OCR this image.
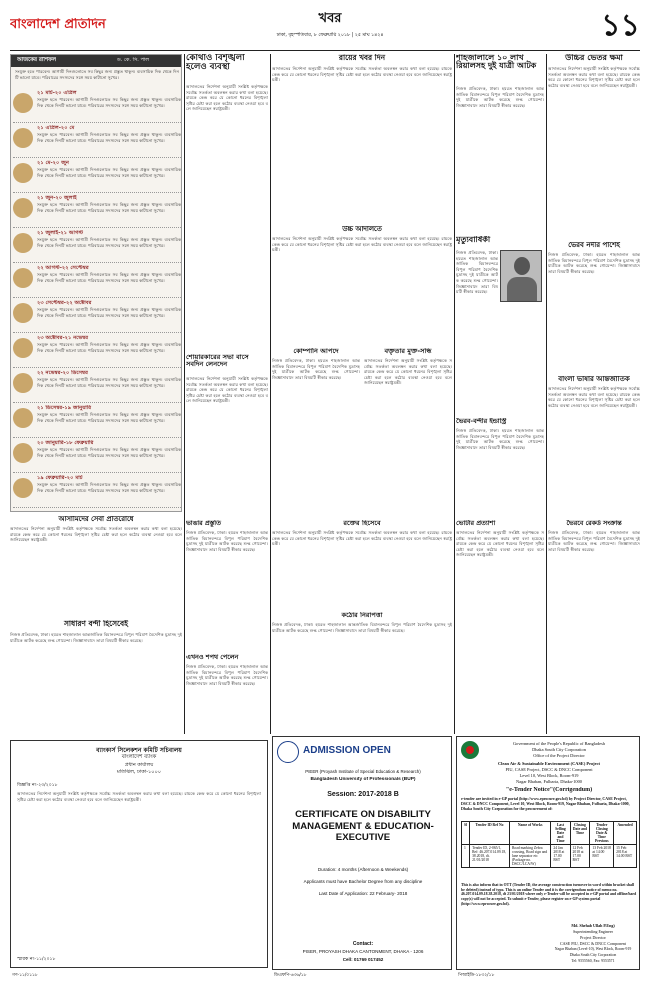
বাংলাদেশ প্রতিদিন	খবর
ঢাকা, বৃহস্পতিবার, ৮ ফেব্রুয়ারি ২০১৮ | ২৫ মাঘ ১৪২৪	১১
আজকের রাশিফল	ড. কে. সি. পাল
সংযুক্ত হতে পারবেন। আগামী দিনগুলোতে সব কিছুর জন্য প্রস্তুত থাকুন। ব্যবসায়িক দিক থেকে দিনটি ভালো যাবে। পরিবারের সদস্যদের সঙ্গে সময় কাটানো সুখের।
২১ মার্চ-২০ এপ্রিল
সংযুক্ত হতে পারবেন। আগামী দিনগুলোতে সব কিছুর জন্য প্রস্তুত থাকুন। ব্যবসায়িক দিক থেকে দিনটি ভালো যাবে। পরিবারের সদস্যদের সঙ্গে সময় কাটানো সুখের।
২১ এপ্রিল-২০ মে
সংযুক্ত হতে পারবেন। আগামী দিনগুলোতে সব কিছুর জন্য প্রস্তুত থাকুন। ব্যবসায়িক দিক থেকে দিনটি ভালো যাবে। পরিবারের সদস্যদের সঙ্গে সময় কাটানো সুখের।
২১ মে-২০ জুন
সংযুক্ত হতে পারবেন। আগামী দিনগুলোতে সব কিছুর জন্য প্রস্তুত থাকুন। ব্যবসায়িক দিক থেকে দিনটি ভালো যাবে। পরিবারের সদস্যদের সঙ্গে সময় কাটানো সুখের।
২১ জুন-২০ জুলাই
সংযুক্ত হতে পারবেন। আগামী দিনগুলোতে সব কিছুর জন্য প্রস্তুত থাকুন। ব্যবসায়িক দিক থেকে দিনটি ভালো যাবে। পরিবারের সদস্যদের সঙ্গে সময় কাটানো সুখের।
২১ জুলাই-২১ আগস্ট
সংযুক্ত হতে পারবেন। আগামী দিনগুলোতে সব কিছুর জন্য প্রস্তুত থাকুন। ব্যবসায়িক দিক থেকে দিনটি ভালো যাবে। পরিবারের সদস্যদের সঙ্গে সময় কাটানো সুখের।
২২ আগস্ট-২২ সেপ্টেম্বর
সংযুক্ত হতে পারবেন। আগামী দিনগুলোতে সব কিছুর জন্য প্রস্তুত থাকুন। ব্যবসায়িক দিক থেকে দিনটি ভালো যাবে। পরিবারের সদস্যদের সঙ্গে সময় কাটানো সুখের।
২৩ সেপ্টেম্বর-২২ অক্টোবর
সংযুক্ত হতে পারবেন। আগামী দিনগুলোতে সব কিছুর জন্য প্রস্তুত থাকুন। ব্যবসায়িক দিক থেকে দিনটি ভালো যাবে। পরিবারের সদস্যদের সঙ্গে সময় কাটানো সুখের।
২৩ অক্টোবর-২১ নভেম্বর
সংযুক্ত হতে পারবেন। আগামী দিনগুলোতে সব কিছুর জন্য প্রস্তুত থাকুন। ব্যবসায়িক দিক থেকে দিনটি ভালো যাবে। পরিবারের সদস্যদের সঙ্গে সময় কাটানো সুখের।
২২ নভেম্বর-২০ ডিসেম্বর
সংযুক্ত হতে পারবেন। আগামী দিনগুলোতে সব কিছুর জন্য প্রস্তুত থাকুন। ব্যবসায়িক দিক থেকে দিনটি ভালো যাবে। পরিবারের সদস্যদের সঙ্গে সময় কাটানো সুখের।
২১ ডিসেম্বর-১৯ জানুয়ারি
সংযুক্ত হতে পারবেন। আগামী দিনগুলোতে সব কিছুর জন্য প্রস্তুত থাকুন। ব্যবসায়িক দিক থেকে দিনটি ভালো যাবে। পরিবারের সদস্যদের সঙ্গে সময় কাটানো সুখের।
২০ জানুয়ারি-১৮ ফেব্রুয়ারি
সংযুক্ত হতে পারবেন। আগামী দিনগুলোতে সব কিছুর জন্য প্রস্তুত থাকুন। ব্যবসায়িক দিক থেকে দিনটি ভালো যাবে। পরিবারের সদস্যদের সঙ্গে সময় কাটানো সুখের।
১৯ ফেব্রুয়ারি-২০ মার্চ
সংযুক্ত হতে পারবেন। আগামী দিনগুলোতে সব কিছুর জন্য প্রস্তুত থাকুন। ব্যবসায়িক দিক থেকে দিনটি ভালো যাবে। পরিবারের সদস্যদের সঙ্গে সময় কাটানো সুখের।
কোথাও বিশৃঙ্খলা হলেও ব্যবস্থা
আদালতের নির্দেশনা অনুযায়ী সংশ্লিষ্ট কর্তৃপক্ষকে সর্বোচ্চ সতর্কতা অবলম্বন করার কথা বলা হয়েছে। রায়কে কেন্দ্র করে যে কোনো ধরনের বিশৃঙ্খলা সৃষ্টির চেষ্টা করা হলে কঠোর ব্যবস্থা নেওয়া হবে বলে জানিয়েছেন স্বরাষ্ট্রমন্ত্রী।
শোয়ারকারের সভা বাসে সবদিন লেনদেন
আদালতের নির্দেশনা অনুযায়ী সংশ্লিষ্ট কর্তৃপক্ষকে সর্বোচ্চ সতর্কতা অবলম্বন করার কথা বলা হয়েছে। রায়কে কেন্দ্র করে যে কোনো ধরনের বিশৃঙ্খলা সৃষ্টির চেষ্টা করা হলে কঠোর ব্যবস্থা নেওয়া হবে বলে জানিয়েছেন স্বরাষ্ট্রমন্ত্রী।
রায়ের খবর দিন
আদালতের নির্দেশনা অনুযায়ী সংশ্লিষ্ট কর্তৃপক্ষকে সর্বোচ্চ সতর্কতা অবলম্বন করার কথা বলা হয়েছে। রায়কে কেন্দ্র করে যে কোনো ধরনের বিশৃঙ্খলা সৃষ্টির চেষ্টা করা হলে কঠোর ব্যবস্থা নেওয়া হবে বলে জানিয়েছেন স্বরাষ্ট্রমন্ত্রী।
উচ্চ আদালতে
আদালতের নির্দেশনা অনুযায়ী সংশ্লিষ্ট কর্তৃপক্ষকে সর্বোচ্চ সতর্কতা অবলম্বন করার কথা বলা হয়েছে। রায়কে কেন্দ্র করে যে কোনো ধরনের বিশৃঙ্খলা সৃষ্টির চেষ্টা করা হলে কঠোর ব্যবস্থা নেওয়া হবে বলে জানিয়েছেন স্বরাষ্ট্রমন্ত্রী।
কোম্পানি আপদে
নিজস্ব প্রতিবেদক, ঢাকা। হযরত শাহজালাল আন্তর্জাতিক বিমানবন্দরে বিপুল পরিমাণ বৈদেশিক মুদ্রাসহ দুই যাত্রীকে আটক করেছে শুল্ক গোয়েন্দা। জিজ্ঞাসাবাদে তারা বিষয়টি স্বীকার করেছে।
বক্তৃতার মুক্ত-সন্ধি
আদালতের নির্দেশনা অনুযায়ী সংশ্লিষ্ট কর্তৃপক্ষকে সর্বোচ্চ সতর্কতা অবলম্বন করার কথা বলা হয়েছে। রায়কে কেন্দ্র করে যে কোনো ধরনের বিশৃঙ্খলা সৃষ্টির চেষ্টা করা হলে কঠোর ব্যবস্থা নেওয়া হবে বলে জানিয়েছেন স্বরাষ্ট্রমন্ত্রী।
শাহজালালে ১০ লাখ রিয়ালসহ দুই যাত্রী আটক
নিজস্ব প্রতিবেদক, ঢাকা। হযরত শাহজালাল আন্তর্জাতিক বিমানবন্দরে বিপুল পরিমাণ বৈদেশিক মুদ্রাসহ দুই যাত্রীকে আটক করেছে শুল্ক গোয়েন্দা। জিজ্ঞাসাবাদে তারা বিষয়টি স্বীকার করেছে।
মৃত্যুবার্ষিকী
নিজস্ব প্রতিবেদক, ঢাকা। হযরত শাহজালাল আন্তর্জাতিক বিমানবন্দরে বিপুল পরিমাণ বৈদেশিক মুদ্রাসহ দুই যাত্রীকে আটক করেছে শুল্ক গোয়েন্দা। জিজ্ঞাসাবাদে তারা বিষয়টি স্বীকার করেছে।
ভৈরব-বন্দীর ইন্ডাস্ট্রি
নিজস্ব প্রতিবেদক, ঢাকা। হযরত শাহজালাল আন্তর্জাতিক বিমানবন্দরে বিপুল পরিমাণ বৈদেশিক মুদ্রাসহ দুই যাত্রীকে আটক করেছে শুল্ক গোয়েন্দা। জিজ্ঞাসাবাদে তারা বিষয়টি স্বীকার করেছে।
উচ্চির ভেতর ক্ষমা
আদালতের নির্দেশনা অনুযায়ী সংশ্লিষ্ট কর্তৃপক্ষকে সর্বোচ্চ সতর্কতা অবলম্বন করার কথা বলা হয়েছে। রায়কে কেন্দ্র করে যে কোনো ধরনের বিশৃঙ্খলা সৃষ্টির চেষ্টা করা হলে কঠোর ব্যবস্থা নেওয়া হবে বলে জানিয়েছেন স্বরাষ্ট্রমন্ত্রী।
ভৈরব নদীর পাশেই
নিজস্ব প্রতিবেদক, ঢাকা। হযরত শাহজালাল আন্তর্জাতিক বিমানবন্দরে বিপুল পরিমাণ বৈদেশিক মুদ্রাসহ দুই যাত্রীকে আটক করেছে শুল্ক গোয়েন্দা। জিজ্ঞাসাবাদে তারা বিষয়টি স্বীকার করেছে।
বাংলা ভাষার আন্তর্জাতিক
আদালতের নির্দেশনা অনুযায়ী সংশ্লিষ্ট কর্তৃপক্ষকে সর্বোচ্চ সতর্কতা অবলম্বন করার কথা বলা হয়েছে। রায়কে কেন্দ্র করে যে কোনো ধরনের বিশৃঙ্খলা সৃষ্টির চেষ্টা করা হলে কঠোর ব্যবস্থা নেওয়া হবে বলে জানিয়েছেন স্বরাষ্ট্রমন্ত্রী।
আসামিদের সেবা প্রতিরোধে
আদালতের নির্দেশনা অনুযায়ী সংশ্লিষ্ট কর্তৃপক্ষকে সর্বোচ্চ সতর্কতা অবলম্বন করার কথা বলা হয়েছে। রায়কে কেন্দ্র করে যে কোনো ধরনের বিশৃঙ্খলা সৃষ্টির চেষ্টা করা হলে কঠোর ব্যবস্থা নেওয়া হবে বলে জানিয়েছেন স্বরাষ্ট্রমন্ত্রী।
সাধারণ বন্দী হিসেবেই
নিজস্ব প্রতিবেদক, ঢাকা। হযরত শাহজালাল আন্তর্জাতিক বিমানবন্দরে বিপুল পরিমাণ বৈদেশিক মুদ্রাসহ দুই যাত্রীকে আটক করেছে শুল্ক গোয়েন্দা। জিজ্ঞাসাবাদে তারা বিষয়টি স্বীকার করেছে।
ভাঙার প্রস্তুতি
নিজস্ব প্রতিবেদক, ঢাকা। হযরত শাহজালাল আন্তর্জাতিক বিমানবন্দরে বিপুল পরিমাণ বৈদেশিক মুদ্রাসহ দুই যাত্রীকে আটক করেছে শুল্ক গোয়েন্দা। জিজ্ঞাসাবাদে তারা বিষয়টি স্বীকার করেছে।
এখনও শপথ পেলেন
নিজস্ব প্রতিবেদক, ঢাকা। হযরত শাহজালাল আন্তর্জাতিক বিমানবন্দরে বিপুল পরিমাণ বৈদেশিক মুদ্রাসহ দুই যাত্রীকে আটক করেছে শুল্ক গোয়েন্দা। জিজ্ঞাসাবাদে তারা বিষয়টি স্বীকার করেছে।
রক্তের হিসেবে
আদালতের নির্দেশনা অনুযায়ী সংশ্লিষ্ট কর্তৃপক্ষকে সর্বোচ্চ সতর্কতা অবলম্বন করার কথা বলা হয়েছে। রায়কে কেন্দ্র করে যে কোনো ধরনের বিশৃঙ্খলা সৃষ্টির চেষ্টা করা হলে কঠোর ব্যবস্থা নেওয়া হবে বলে জানিয়েছেন স্বরাষ্ট্রমন্ত্রী।
কঠোর নিরাপত্তা
নিজস্ব প্রতিবেদক, ঢাকা। হযরত শাহজালাল আন্তর্জাতিক বিমানবন্দরে বিপুল পরিমাণ বৈদেশিক মুদ্রাসহ দুই যাত্রীকে আটক করেছে শুল্ক গোয়েন্দা। জিজ্ঞাসাবাদে তারা বিষয়টি স্বীকার করেছে।
ভোটার প্রত্যাশা
আদালতের নির্দেশনা অনুযায়ী সংশ্লিষ্ট কর্তৃপক্ষকে সর্বোচ্চ সতর্কতা অবলম্বন করার কথা বলা হয়েছে। রায়কে কেন্দ্র করে যে কোনো ধরনের বিশৃঙ্খলা সৃষ্টির চেষ্টা করা হলে কঠোর ব্যবস্থা নেওয়া হবে বলে জানিয়েছেন স্বরাষ্ট্রমন্ত্রী।
ভৈরবে রেকর্ড সংক্রান্ত
নিজস্ব প্রতিবেদক, ঢাকা। হযরত শাহজালাল আন্তর্জাতিক বিমানবন্দরে বিপুল পরিমাণ বৈদেশিক মুদ্রাসহ দুই যাত্রীকে আটক করেছে শুল্ক গোয়েন্দা। জিজ্ঞাসাবাদে তারা বিষয়টি স্বীকার করেছে।
ব্যাংকার্স সিলেকশন কমিটি সচিবালয়
বাংলাদেশ ব্যাংক
প্রধান কার্যালয়
মতিঝিল, ঢাকা-১০০০
বিজ্ঞপ্তি নং-২৩/২০১৮
আদালতের নির্দেশনা অনুযায়ী সংশ্লিষ্ট কর্তৃপক্ষকে সর্বোচ্চ সতর্কতা অবলম্বন করার কথা বলা হয়েছে। রায়কে কেন্দ্র করে যে কোনো ধরনের বিশৃঙ্খলা সৃষ্টির চেষ্টা করা হলে কঠোর ব্যবস্থা নেওয়া হবে বলে জানিয়েছেন স্বরাষ্ট্রমন্ত্রী।
স্মারক নং-১১/২০১৮
ADMISSION OPEN
PIEER (Proyash Institute of Special Education & Research)
Bangladesh University of Professionals (BUP)
Session: 2017-2018 B
CERTIFICATE ON DISABILITY MANAGEMENT & EDUCATION- EXECUTIVE
Duration: 4 months (Afternoon & Weekends)
Applicants must have Bachelor Degree from any discipline
Last Date of Application: 22 February- 2018
Contact:
PISER, PROYASH DHAKA CANTONMENT, DHAKA - 1206
Cell: 01769 017452
Government of the People's Republic of Bangladesh
Dhaka South City Corporation
Office of the Project Director
Clean Air & Sustainable Environment (CASE) Project
PIU, CASE Project, DSCC & DNCC Component
Level 10, West Block, Room-919
Nagar Bhaban, Fulbaria, Dhaka-1000
"e-Tender Notice"(Corrigendum)
e-tender are invited in e-GP portal (http://www.eprocure.gov.bd) by Project Director, CASE Project, DSCC & DNCC Component, Level 10, West Block, Room-919, Nagar Bhaban, Fulbaria, Dhaka-1000, Dhaka South City Corporation for the procurement of:
Sl	Tender ID Ref No	Name of Works	Last Selling Date and Time	Closing Date and Time	Tender Closing Date & Time Previous	Amended
1	Tender ID, 2-065/1, Ref: 46.207.014.09.18, 38.2018, dt. 21/01/2018	Road marking Zebra crossing, Road sign and lane separator etc (Package no. DSCC/LCA/W)	24 Jan 2018 at 17.00 BST	12 Feb 2018 at 17.00 BST	13 Feb 2018 at 14.00 BST	15 Feb 2018 at 14.00 BST
This is also inform that in OTT (Tender ID, the average construction turnover in word within bracket shall be deleted) instead of typo. This is an online Tender and it is the corrigendum notice of memo no. 46.207.014.09.18.38.2018, dt 23/01/2018 where only e-Tender will be accepted in e-GP portal and offline/hard copy(s) will not be accepted. To submit e-Tender, please register on e-GP system portal (http://www.eprocure.gov.bd).
Md. Shehab Ullah P.Eng)
Superintending Engineer
Project Director
CASE PIU, DSCC & DNCC Component
Nagar Bhaban (Level-10), West Block, Room-919
Dhaka South City Corporation
Tel: 9555560, Fax: 9553571
গণ-১১/০১১৮	ডিএফপি-৬৩৬/১৮	পিআইডি-১৮৩২/১৮
